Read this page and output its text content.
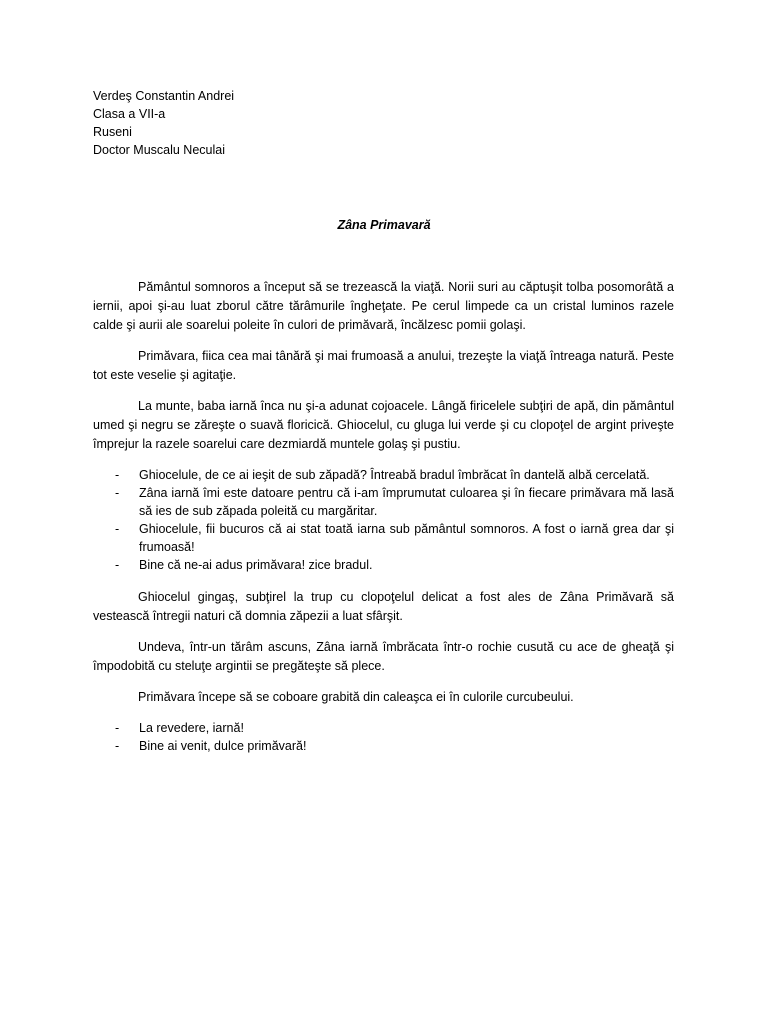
Verdeş Constantin Andrei
Clasa a VII-a
Ruseni
Doctor Muscalu Neculai
Zâna Primavară

Pământul somnoros a început să se trezească la viaţă. Norii suri au căptuşit tolba posomorâtă a iernii, apoi şi-au luat zborul către tărâmurile îngheţate. Pe cerul limpede ca un cristal luminos razele calde şi aurii ale soarelui poleite în culori de primăvară, încălzesc pomii golaşi.

Primăvara, fiica cea mai tânără şi mai frumoasă a anului, trezeşte la viaţă întreaga natură. Peste tot este veselie şi agitaţie.

La munte, baba iarnă înca nu şi-a adunat cojoacele. Lângă firicelele subţiri de apă, din pământul umed şi negru se zăreşte o suavă floricică. Ghiocelul, cu gluga lui verde şi cu clopoţel de argint priveşte împrejur la razele soarelui care dezmiardă muntele golaş şi pustiu.

- Ghiocelule, de ce ai ieşit de sub zăpadă? Întreabă bradul îmbrăcat în dantelă albă cercelată.
- Zâna iarnă îmi este datoare pentru că i-am împrumutat culoarea şi în fiecare primăvara mă lasă să ies de sub zăpada poleită cu margăritar.
- Ghiocelule, fii bucuros că ai stat toată iarna sub pământul somnoros. A fost o iarnă grea dar şi frumoasă!
- Bine că ne-ai adus primăvara! zice bradul.

Ghiocelul gingaş, subţirel la trup cu clopoţelul delicat a fost ales de Zâna Primăvară să vestească întregii naturi că domnia zăpezii a luat sfârşit.

Undeva, într-un tărâm ascuns, Zâna iarnă îmbrăcata într-o rochie cusută cu ace de gheaţă şi împodobită cu steluţe argintii se pregăteşte să plece.

Primăvara începe să se coboare grabită din caleaşca ei în culorile curcubeului.

- La revedere, iarnă!
- Bine ai venit, dulce primăvară!
